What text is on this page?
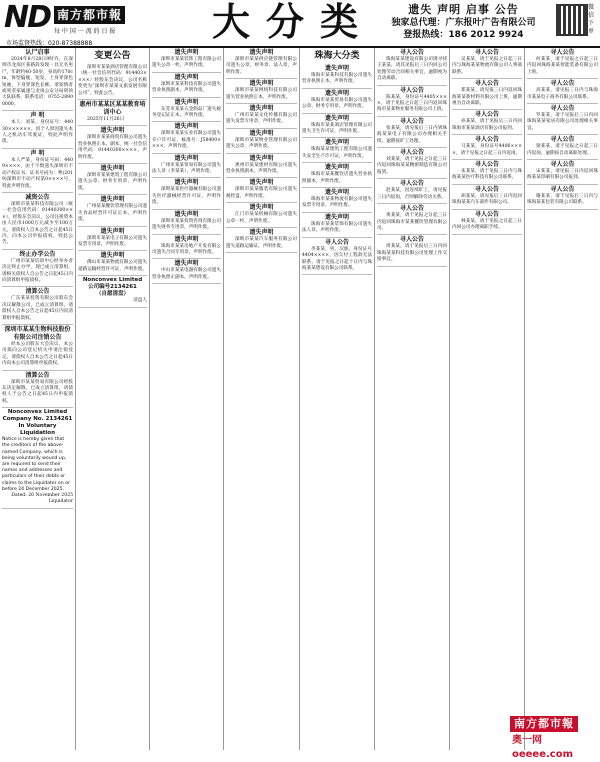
ND 南方都市報
每 中 国 一 流 的 日 报
市场监督热线：020-87388888	大分类	遗失 声明 启事 公告
独家总代理：广东报叶广告有限公司
登报热线：186 2012 9924
微信下单
认尸启事
2024年8月28日9时许，在深圳市龙岗区某路段发现一具无名男尸，年龄约40-50岁，身高约170cm，体型偏瘦，短发，上身穿深色短袖，下身穿深色长裤。请知情者或死者家属速与龙岗公安分局刑侦大队联系，联系电话：0755-28900000。
声 明
本人：刘某，身份证号：44030××××××，因个人原因遗失本人之机动车驾驶证，特此声明作废。
声 明
本人严某，身份证号码：4409××××，由于不慎遗失深圳市不动产权证书，证书号码为：粤(2019)深圳市不动产权第0××××号，特此声明作废。
减资公告
深圳市某某科技有限公司（统一社会信用代码：91440300×××），经股东会决议，公司注册资本由人民币1000万元减少至100万元。请债权人自本公告之日起45日内，向本公司申报债权。特此公告。
终止办学公告
广州市某某培训中心经举办者决定终止办学，现已成立清算组，请相关债权人自公告之日起45日内向清算组申报债权。
清算公告
广东某某投资有限公司股东会决议解散公司，已成立清算组，请债权人自本公告之日起45日内向清算组申报债权。
深圳市某某生物科技股份有限公司注销公告
经本公司股东大会决议，本公司拟向公司登记机关申请注销登记，请债权人自本公告之日起45日内向本公司清算组申报债权。
清算公告
深圳市某某贸易有限公司经股东决定解散，已成立清算组，请债权人于公告之日起45日内申报债权。
Nonconvex Limited
Company No. 2134261
In Voluntary Liquidation
Notice is hereby given that the creditors of the above-named Company, which is being voluntarily wound up, are required to send their names and addresses and particulars of their debts or claims to the Liquidator on or before 24 December 2025.
Dated: 26 November 2025 Liquidator
变更公告
深圳市某某酒店管理有限公司（统一社会信用代码：914403××××）经股东会决议，公司名称变更为“深圳市某某文旅发展有限公司”，特此公告。
惠州市某某区某某教育培训中心
2025年11月26日
遗失声明
深圳市某某商贸有限公司遗失营业执照正本、副本，统一社会信用代码：91440300××××，声明作废。
遗失声明
深圳市某某建筑工程有限公司遗失公章、财务专用章，声明作废。
遗失声明
广州某某餐饮管理有限公司遗失食品经营许可证正本，声明作废。
遗失声明
深圳市某某电子有限公司遗失发票专用章，声明作废。
遗失声明
佛山市某某物流有限公司遗失道路运输经营许可证，声明作废。
Nonconvex Limited
公司编号2134261
（自愿清盘）
清盘人
遗失声明
深圳市某某装饰工程有限公司遗失公章一枚，声明作废。
遗失声明
深圳市某某科技有限公司遗失营业执照副本，声明作废。
遗失声明
东莞市某某五金制品厂遗失税务登记证正本，声明作废。
遗失声明
深圳市某某实业有限公司遗失开户许可证，核准号：J58400××××，声明作废。
遗失声明
广州市某某贸易有限公司遗失法人章（李某某），声明作废。
遗失声明
深圳某某医疗器械有限公司遗失医疗器械经营许可证，声明作废。
遗失声明
深圳市某某投资咨询有限公司遗失财务专用章，声明作废。
遗失声明
珠海市某某房地产开发有限公司遗失合同专用章，声明作废。
遗失声明
中山市某某电器有限公司遗失营业执照正副本，声明作废。
遗失声明
深圳市某某供应链管理有限公司遗失公章、财务章、法人章，声明作废。
遗失声明
深圳市某某网络科技有限公司遗失营业执照正本，声明作废。
遗失声明
广州市某某文化传播有限公司遗失发票专用章，声明作废。
遗失声明
深圳市某某物业管理有限公司遗失公章，声明作废。
遗失声明
惠州市某某建材有限公司遗失营业执照副本，声明作废。
遗失声明
深圳市某某服装有限公司遗失税控盘，声明作废。
遗失声明
江门市某某机械有限公司遗失公章一枚，声明作废。
遗失声明
深圳市某某汽车服务有限公司遗失道路运输证，声明作废。
珠海大分类
遗失声明
珠海市某某科技有限公司遗失营业执照正本，声明作废。
遗失声明
珠海市某某贸易有限公司遗失公章、财务专用章，声明作废。
遗失声明
珠海市某某酒店管理有限公司遗失卫生许可证，声明作废。
遗失声明
珠海某某建筑工程有限公司遗失安全生产许可证，声明作废。
遗失声明
珠海市某某餐饮店遗失营业执照副本，声明作废。
遗失声明
珠海市某某物流有限公司遗失发票专用章，声明作废。
遗失声明
珠海市某某装饰有限公司遗失法人章，声明作废。
寻人公告
李某某，男，汉族，身份证号4404××××，因欠付工程款无法联系，请于见报之日起十日内与珠海某某建设有限公司联系。
寻人公告
珠海某某建设有限公司现寻找王某某，请其见报后三日内回公司处理劳动合同相关事宜，逾期视为自动离职。
寻人公告
陈某某，身份证号4405××××，请于见报之日起三日内返回珠海市某某物业服务有限公司上班。
寻人公告
张某某，请见报后三日内到珠海某某电子有限公司办理相关手续，逾期按旷工处理。
寻人公告
刘某某，请于见报之日起三日内返回珠海某某精密制造有限公司报到。
寻人公告
赵某某，因连续旷工，请见报三日内返岗，否则解除劳动关系。
寻人公告
黄某某，请于见报之日起三日内返回珠海市某某餐饮管理有限公司。
寻人公告
周某某，请于见报后三日内回珠海某某科技有限公司处理工作交接事宜。
寻人公告
吴某某，请于见报之日起三日内与珠海某某物流有限公司人事部联系。
寻人公告
郑某某，请见报三日内返回珠海某某新材料有限公司上班，逾期视为自动离职。
寻人公告
孙某某，请于见报后三日内回珠海市某某酒店有限公司报到。
寻人公告
马某某，身份证号4406××××，请于见报之日起三日内返岗。
寻人公告
朱某某，请于见报三日内与珠海某某医疗科技有限公司联系。
寻人公告
胡某某，请见报后三日内返回珠海某某汽车部件有限公司。
寻人公告
林某某，请于见报之日起三日内回公司办理离职手续。
寻人公告
何某某，请于见报之日起三日内返回珠海某某智能装备有限公司上班。
寻人公告
高某某，请见报三日内与珠海市某某电子商务有限公司联系。
寻人公告
罗某某，请于见报后三日内回珠海某某家居有限公司处理相关事宜。
寻人公告
梁某某，请于见报之日起三日内返岗，逾期按自动离职处理。
寻人公告
宋某某，请见报三日内返回珠海某某印刷有限公司报到。
寻人公告
谢某某，请于见报后三日内与珠海某某包装有限公司联系。
南方都市報
奥一网 oeeee.com
